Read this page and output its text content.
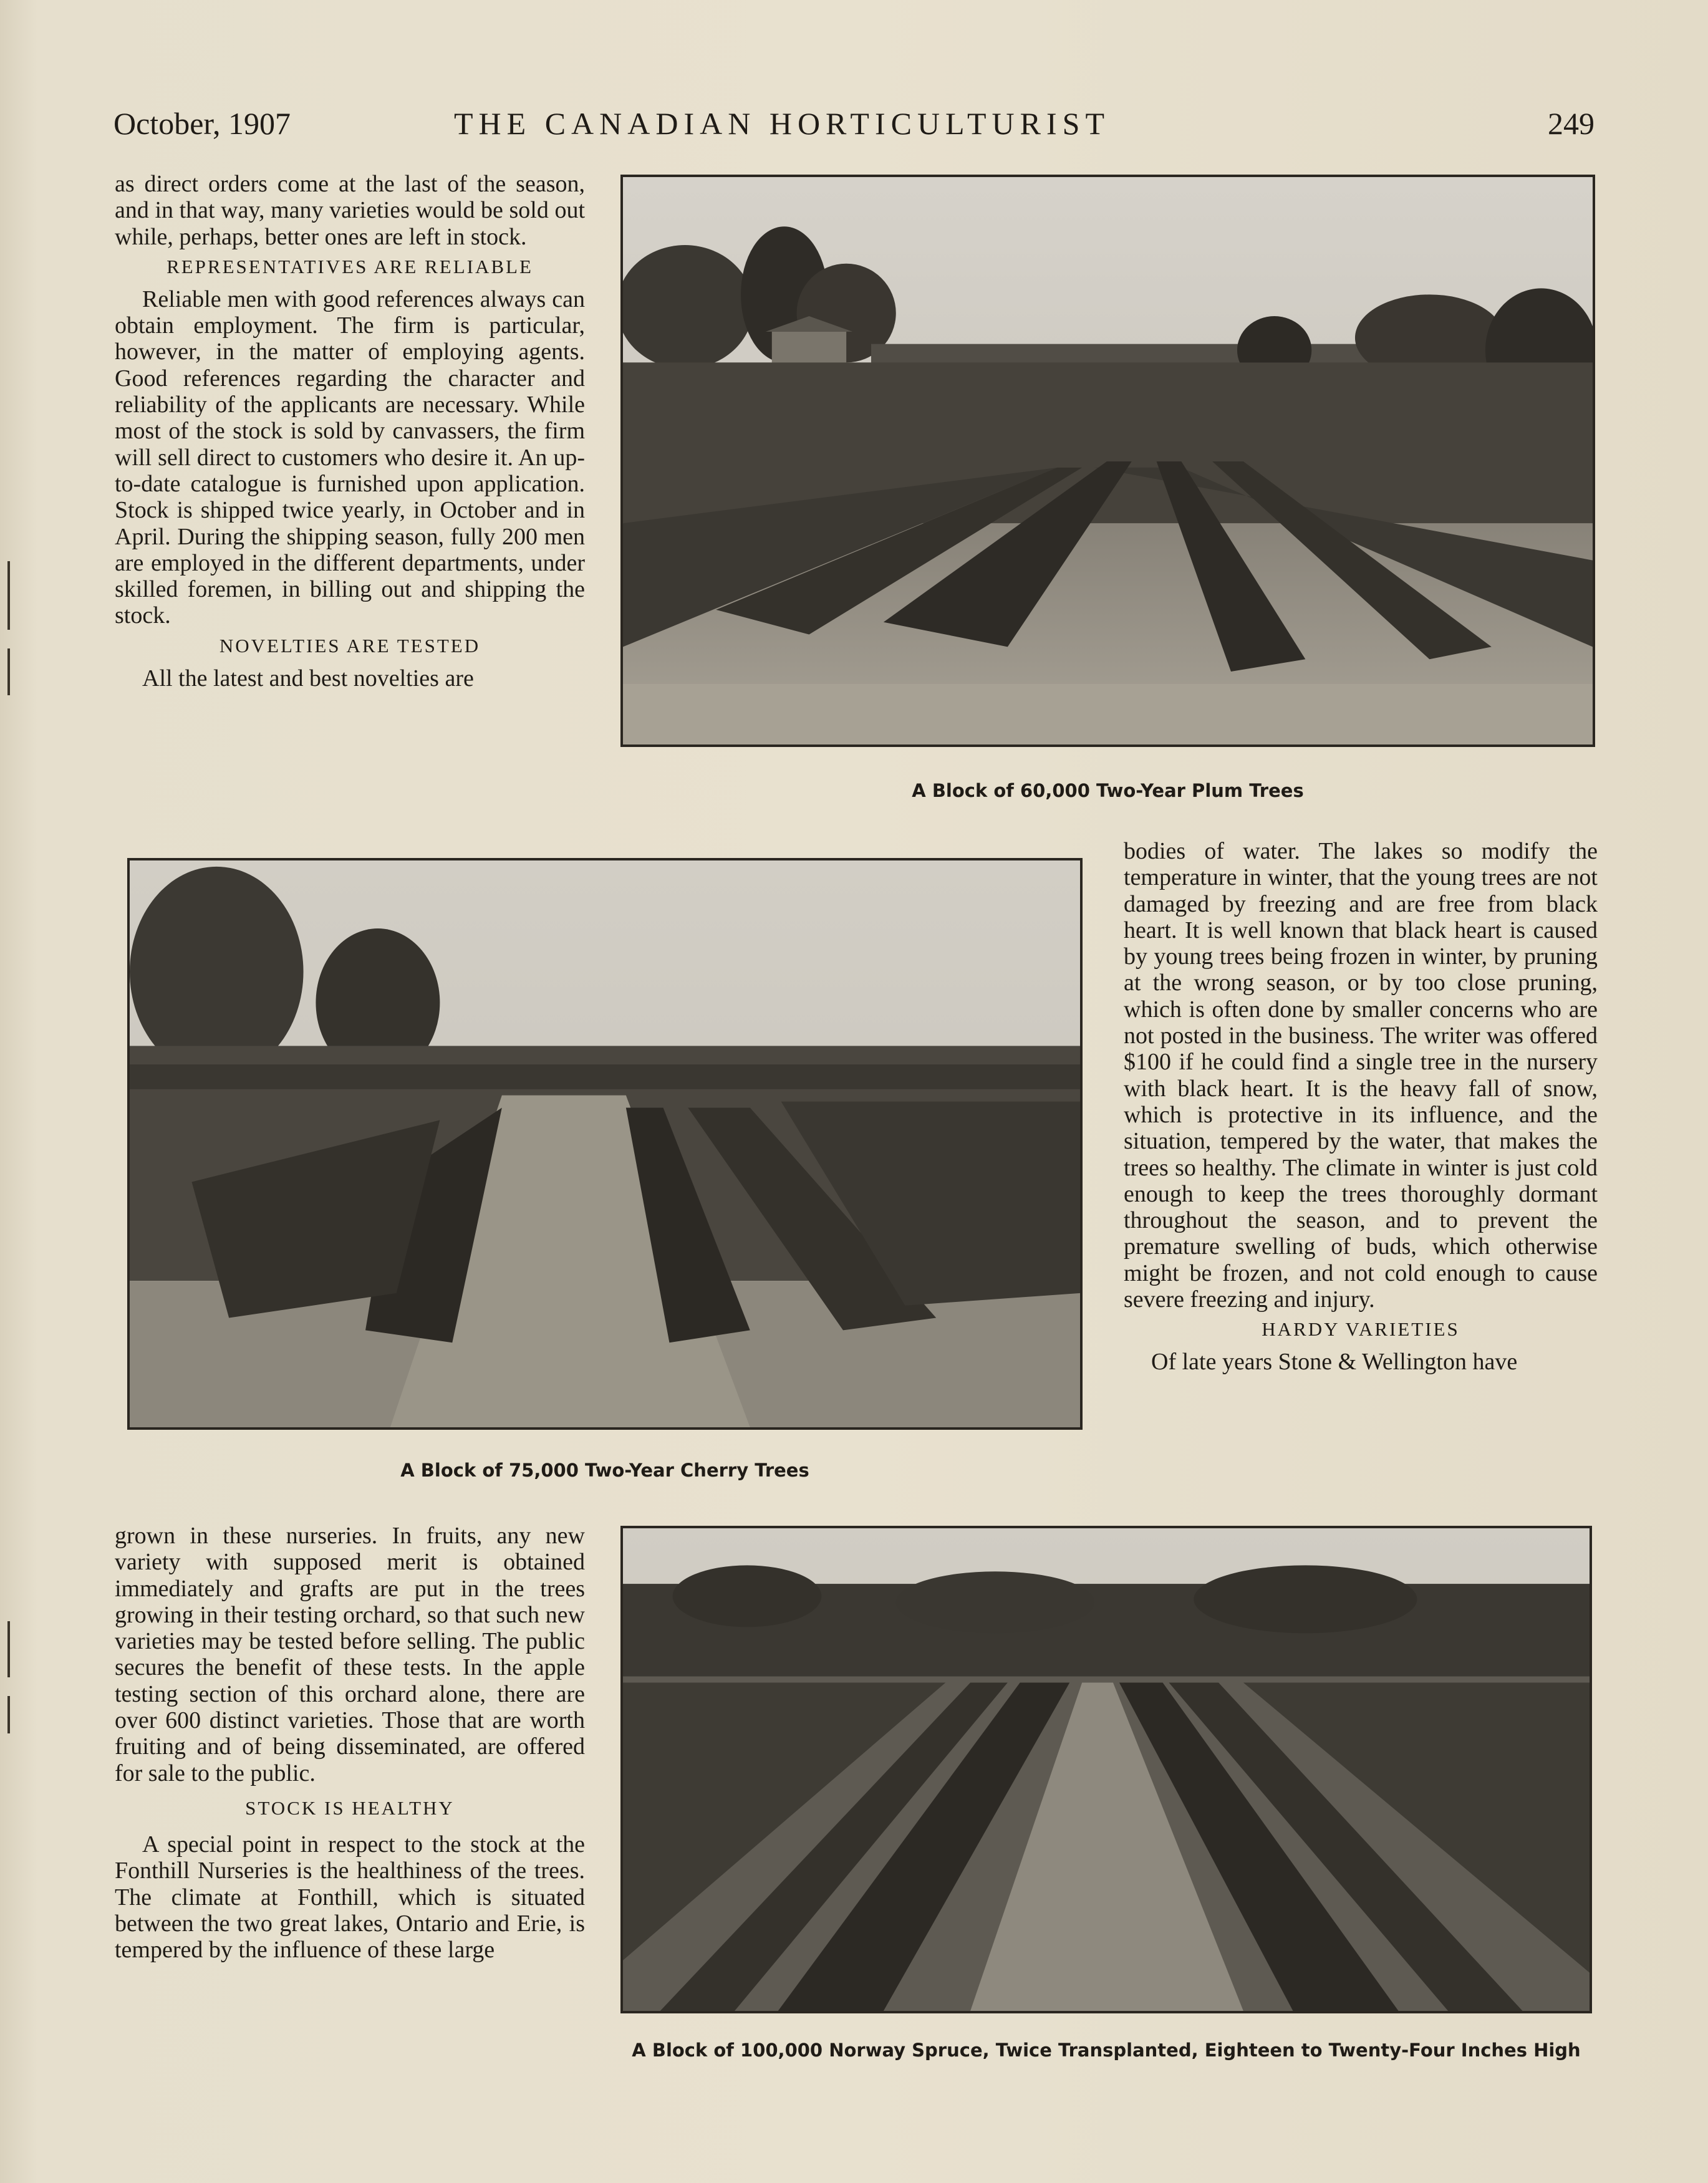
October, 1907	THE CANADIAN HORTICULTURIST	249

as direct orders come at the last of the season, and in that way, many varieties would be sold out while, perhaps, better ones are left in stock.

REPRESENTATIVES ARE RELIABLE

Reliable men with good references always can obtain employment. The firm is particular, however, in the matter of employing agents. Good references regarding the character and reliability of the applicants are necessary. While most of the stock is sold by canvassers, the firm will sell direct to customers who desire it. An up-to-date catalogue is furnished upon application. Stock is shipped twice yearly, in October and in April. During the shipping season, fully 200 men are employed in the different departments, under skilled foremen, in billing out and shipping the stock.

NOVELTIES ARE TESTED

All the latest and best novelties are

A Block of 60,000 Two-Year Plum Trees
A Block of 75,000 Two-Year Cherry Trees

bodies of water. The lakes so modify the temperature in winter, that the young trees are not damaged by freezing and are free from black heart. It is well known that black heart is caused by young trees being frozen in winter, by pruning at the wrong season, or by too close pruning, which is often done by smaller concerns who are not posted in the business. The writer was offered $100 if he could find a single tree in the nursery with black heart. It is the heavy fall of snow, which is protective in its influence, and the situation, tempered by the water, that makes the trees so healthy. The climate in winter is just cold enough to keep the trees thoroughly dormant throughout the season, and to prevent the premature swelling of buds, which otherwise might be frozen, and not cold enough to cause severe freezing and injury.

HARDY VARIETIES

Of late years Stone & Wellington have

grown in these nurseries. In fruits, any new variety with supposed merit is obtained immediately and grafts are put in the trees growing in their testing orchard, so that such new varieties may be tested before selling. The public secures the benefit of these tests. In the apple testing section of this orchard alone, there are over 600 distinct varieties. Those that are worth fruiting and of being disseminated, are offered for sale to the public.

STOCK IS HEALTHY

A special point in respect to the stock at the Fonthill Nurseries is the healthiness of the trees. The climate at Fonthill, which is situated between the two great lakes, Ontario and Erie, is tempered by the influence of these large

A Block of 100,000 Norway Spruce, Twice Transplanted, Eighteen to Twenty-Four Inches High
